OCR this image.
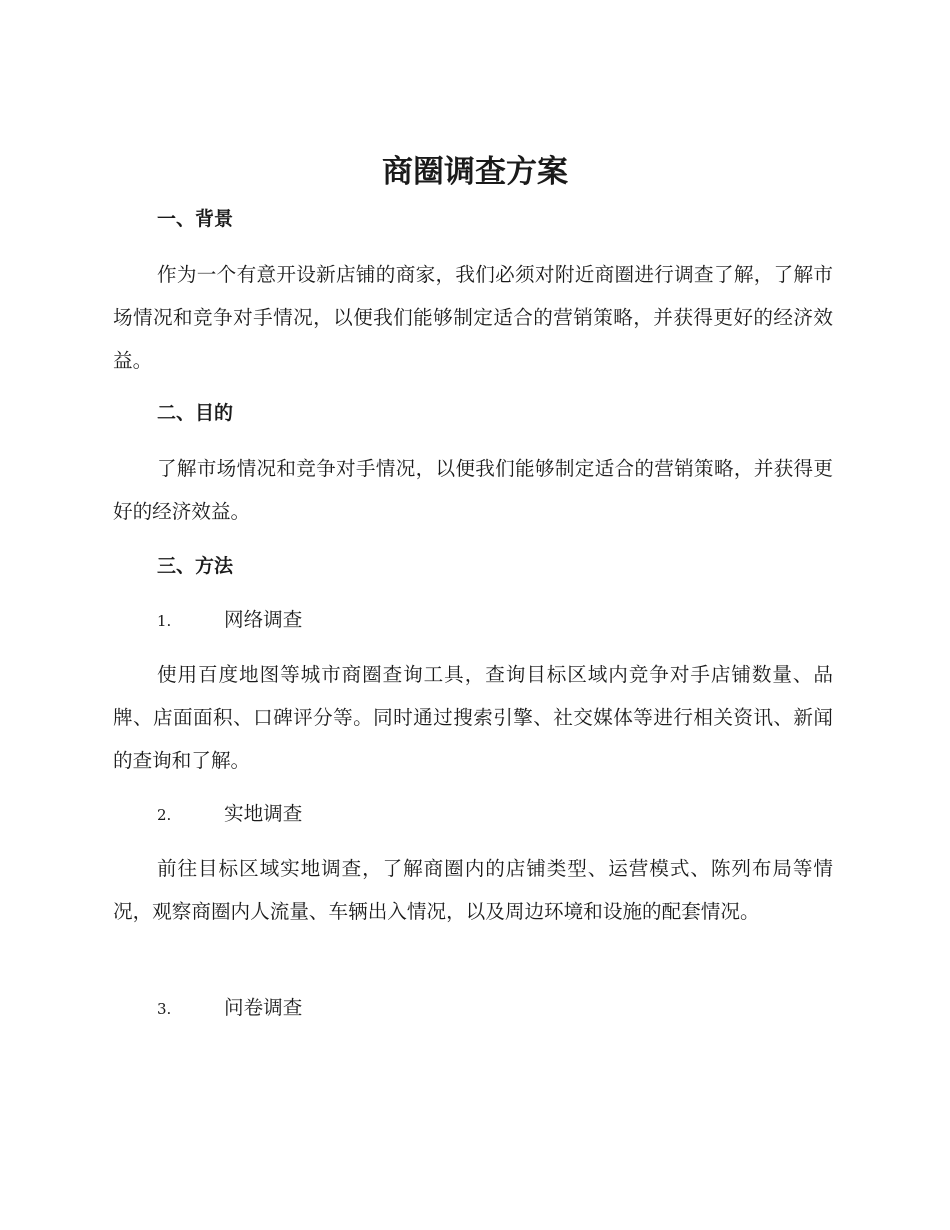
商圈调查方案
一、背景

作为一个有意开设新店铺的商家，我们必须对附近商圈进行调查了解，了解市场情况和竞争对手情况，以便我们能够制定适合的营销策略，并获得更好的经济效益。

二、目的

了解市场情况和竞争对手情况，以便我们能够制定适合的营销策略，并获得更好的经济效益。

三、方法

1.	网络调查

使用百度地图等城市商圈查询工具，查询目标区域内竞争对手店铺数量、品牌、店面面积、口碑评分等。同时通过搜索引擎、社交媒体等进行相关资讯、新闻的查询和了解。

2.	实地调查

前往目标区域实地调查，了解商圈内的店铺类型、运营模式、陈列布局等情况，观察商圈内人流量、车辆出入情况，以及周边环境和设施的配套情况。

3.	问卷调查
